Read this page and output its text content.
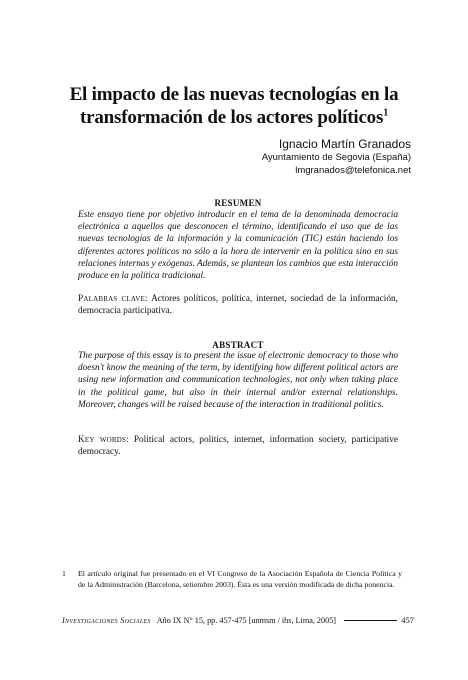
El impacto de las nuevas tecnologías en la transformación de los actores políticos$^1$
Ignacio Martín Granados
Ayuntamiento de Segovia (España)
lmgranados@telefonica.net
RESUMEN

Este ensayo tiene por objetivo introducir en el tema de la denominada democracia electrónica a aquellos que desconocen el término, identificando el uso que de las nuevas tecnologías de la información y la comunicación (TIC) están haciendo los diferentes actores políticos no sólo a la hora de intervenir en la política sino en sus relaciones internas y exógenas. Además, se plantean los cambios que esta interacción produce en la política tradicional.

Palabras clave: Actores políticos, política, internet, sociedad de la información, democracia participativa.

ABSTRACT

The purpose of this essay is to present the issue of electronic democracy to those who doesn't know the meaning of the term, by identifying how different political actors are using new information and communication technologies, not only when taking place in the political game, but also in their internal and/or external relationships. Moreover, changes will be raised because of the interaction in traditional politics.

Key words: Political actors, politics, internet, information society, participative democracy.

1	El artículo original fue presentado en el VI Congreso de la Asociación Española de Ciencia Política y de la Administración (Barcelona, setiembre 2003). Ésta es una versión modificada de dicha ponencia.
Investigaciones Sociales Año IX N° 15, pp. 457-475 [unmsm / ihs, Lima, 2005]	457
